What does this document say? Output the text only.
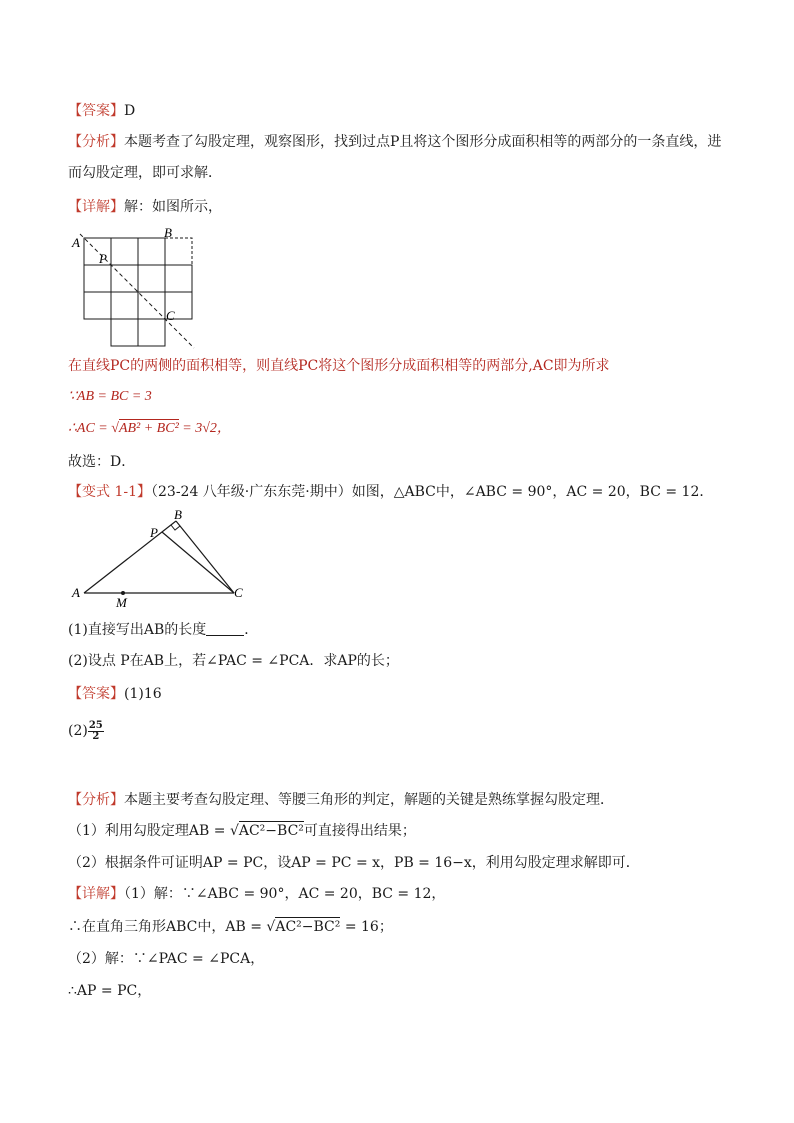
【答案】D
【分析】本题考查了勾股定理，观察图形，找到过点P且将这个图形分成面积相等的两部分的一条直线，进
而勾股定理，即可求解．
【详解】解：如图所示，
A
B
P
C
在直线PC的两侧的面积相等，则直线PC将这个图形分成面积相等的两部分,AC即为所求
∵AB = BC = 3
∴AC = √AB² + BC² = 3√2，
故选：D．
【变式 1-1】（23-24 八年级·广东东莞·期中）如图，△ABC中，∠ABC = 90°，AC = 20，BC = 12．
A
B
C
P
M
(1)直接写出AB的长度	．
(2)设点 P在AB上，若∠PAC = ∠PCA．求AP的长；
【答案】(1)16
$(2) \frac{25}{2}$
【分析】本题主要考查勾股定理、等腰三角形的判定，解题的关键是熟练掌握勾股定理．
（1）利用勾股定理AB = √AC²−BC²可直接得出结果；
（2）根据条件可证明AP = PC，设AP = PC = x，PB = 16−x，利用勾股定理求解即可．
【详解】（1）解：∵∠ABC = 90°，AC = 20，BC = 12，
∴在直角三角形ABC中，AB = √AC²−BC² = 16；
（2）解：∵∠PAC = ∠PCA，
∴AP = PC，
